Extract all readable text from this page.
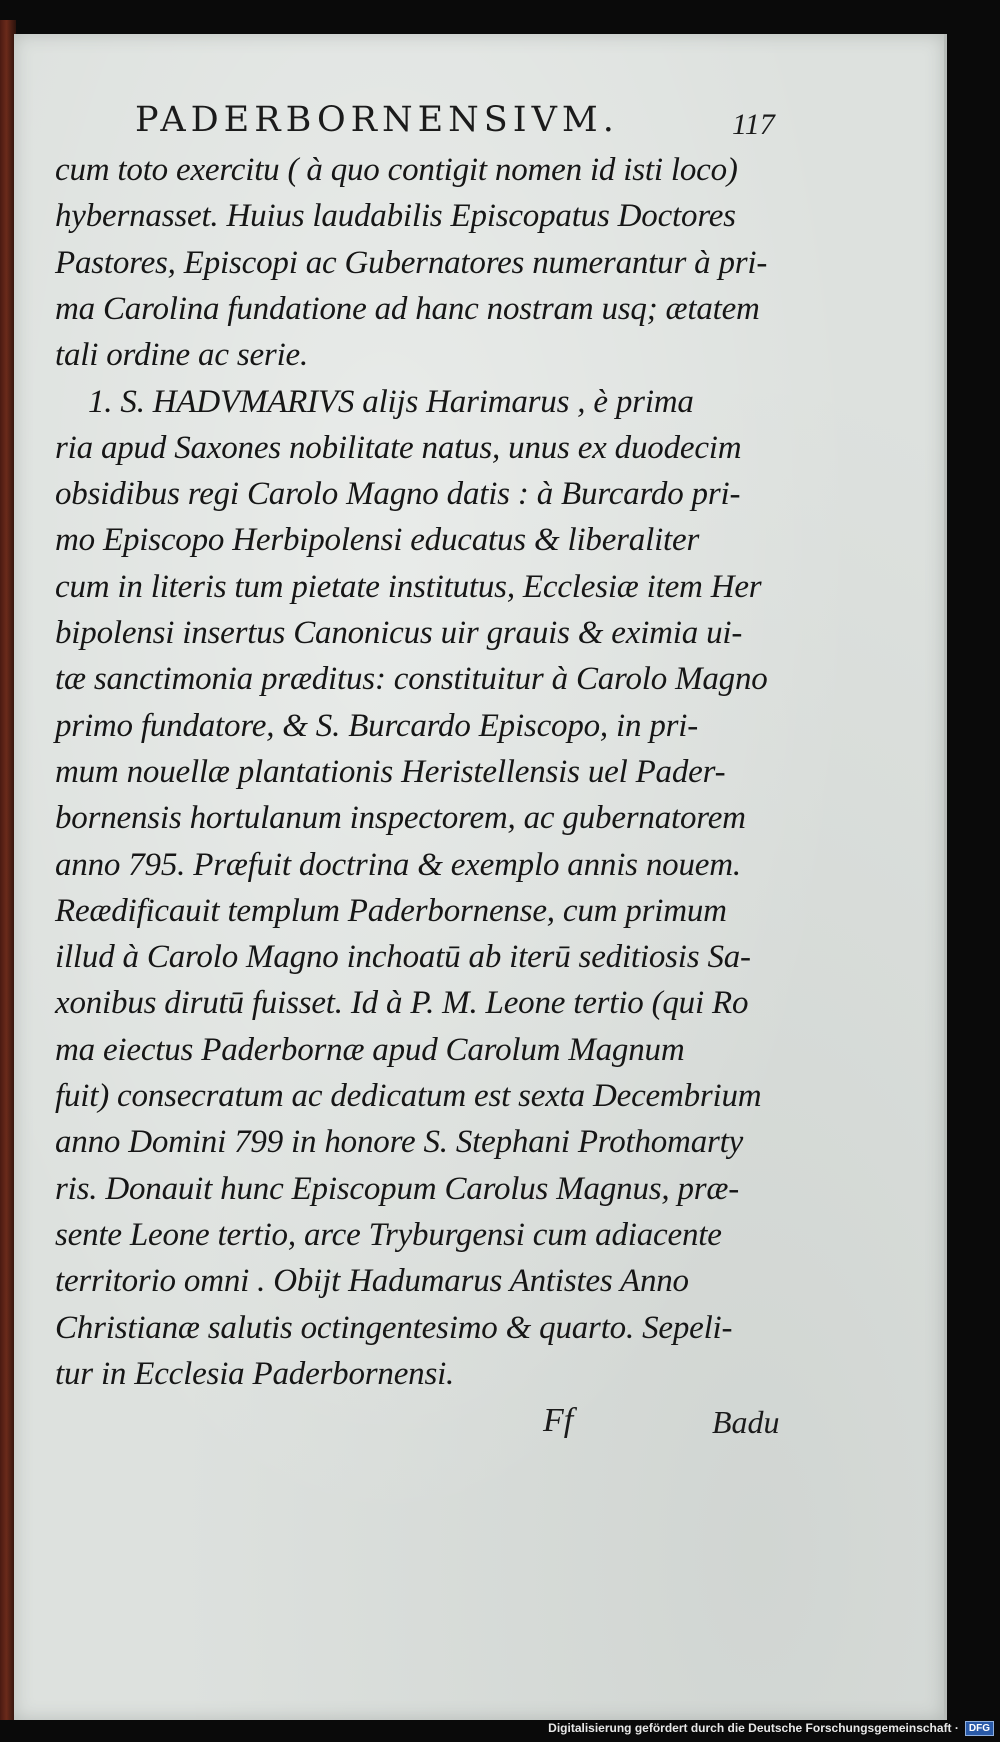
PADERBORNENSIVM.	117
cum toto exercitu ( à quo contigit nomen id isti loco)
hybernasset. Huius laudabilis Episcopatus Doctores
Pastores, Episcopi ac Gubernatores numerantur à pri-
ma Carolina fundatione ad hanc nostram usq; ætatem
tali ordine ac serie.
1. S. HADVMARIVS alijs Harimarus , è prima
ria apud Saxones nobilitate natus, unus ex duodecim
obsidibus regi Carolo Magno datis : à Burcardo pri-
mo Episcopo Herbipolensi educatus & liberaliter
cum in literis tum pietate institutus, Ecclesiæ item Her
bipolensi insertus Canonicus uir grauis & eximia ui-
tæ sanctimonia præditus: constituitur à Carolo Magno
primo fundatore, & S. Burcardo Episcopo, in pri-
mum nouellæ plantationis Heristellensis uel Pader-
bornensis hortulanum inspectorem, ac gubernatorem
anno 795. Præfuit doctrina & exemplo annis nouem.
Reædificauit templum Paderbornense, cum primum
illud à Carolo Magno inchoatū ab iterū seditiosis Sa-
xonibus dirutū fuisset. Id à P. M. Leone tertio (qui Ro
ma eiectus Paderbornæ apud Carolum Magnum
fuit) consecratum ac dedicatum est sexta Decembrium
anno Domini 799 in honore S. Stephani Prothomarty
ris. Donauit hunc Episcopum Carolus Magnus, præ-
sente Leone tertio, arce Tryburgensi cum adiacente
territorio omni . Obijt Hadumarus Antistes Anno
Christianæ salutis octingentesimo & quarto. Sepeli-
tur in Ecclesia Paderbornensi.
Ff	Badu
Digitalisierung gefördert durch die Deutsche Forschungsgemeinschaft ·	DFG
